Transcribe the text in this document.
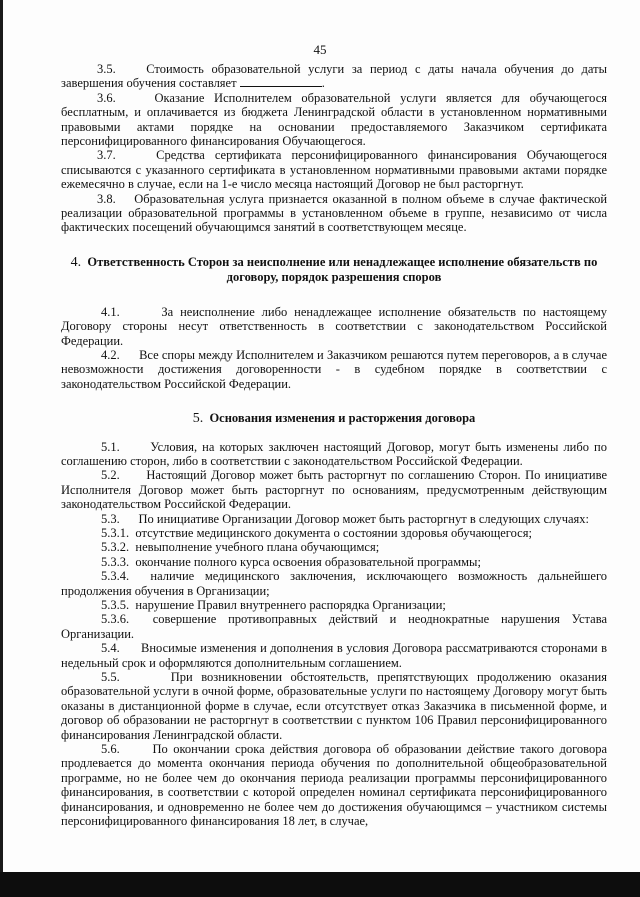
45

3.5. Стоимость образовательной услуги за период с даты начала обучения до даты завершения обучения составляет	.

3.6.	Оказание Исполнителем образовательной услуги является для обучающегося бесплатным, и оплачивается из бюджета Ленинградской области в установленном нормативными правовыми актами порядке на основании предоставляемого Заказчиком сертификата персонифицированного финансирования Обучающегося.

3.7.	Средства сертификата персонифицированного финансирования Обучающегося списываются с указанного сертификата в установленном нормативными правовыми актами порядке ежемесячно в случае, если на 1-е число месяца настоящий Договор не был расторгнут.

3.8. Образовательная услуга признается оказанной в полном объеме в случае фактической реализации образовательной программы в установленном объеме в группе, независимо от числа фактических посещений обучающимся занятий в соответствующем месяце.

4. Ответственность Сторон за неисполнение или ненадлежащее исполнение обязательств по договору, порядок разрешения споров

4.1.	За неисполнение либо ненадлежащее исполнение обязательств по настоящему Договору стороны несут ответственность в соответствии с законодательством Российской Федерации.

4.2. Все споры между Исполнителем и Заказчиком решаются путем переговоров, а в случае невозможности достижения договоренности - в судебном порядке в соответствии с законодательством Российской Федерации.

5. Основания изменения и расторжения договора

5.1. Условия, на которых заключен настоящий Договор, могут быть изменены либо по соглашению сторон, либо в соответствии с законодательством Российской Федерации.

5.2. Настоящий Договор может быть расторгнут по соглашению Сторон. По инициативе Исполнителя Договор может быть расторгнут по основаниям, предусмотренным действующим законодательством Российской Федерации.

5.3. По инициативе Организации Договор может быть расторгнут в следующих случаях:

5.3.1. отсутствие медицинского документа о состоянии здоровья обучающегося;

5.3.2. невыполнение учебного плана обучающимся;

5.3.3. окончание полного курса освоения образовательной программы;

5.3.4. наличие медицинского заключения, исключающего возможность дальнейшего продолжения обучения в Организации;

5.3.5. нарушение Правил внутреннего распорядка Организации;

5.3.6. совершение противоправных действий и неоднократные нарушения Устава Организации.

5.4. Вносимые изменения и дополнения в условия Договора рассматриваются сторонами в недельный срок и оформляются дополнительным соглашением.

5.5.	При возникновении обстоятельств, препятствующих продолжению оказания образовательной услуги в очной форме, образовательные услуги по настоящему Договору могут быть оказаны в дистанционной форме в случае, если отсутствует отказ Заказчика в письменной форме, и договор об образовании не расторгнут в соответствии с пунктом 106 Правил персонифицированного финансирования Ленинградской области.

5.6.	По окончании срока действия договора об образовании действие такого договора продлевается до момента окончания периода обучения по дополнительной общеобразовательной программе, но не более чем до окончания периода реализации программы персонифицированного финансирования, в соответствии с которой определен номинал сертификата персонифицированного финансирования, и одновременно не более чем до достижения обучающимся – участником системы персонифицированного финансирования 18 лет, в случае,
